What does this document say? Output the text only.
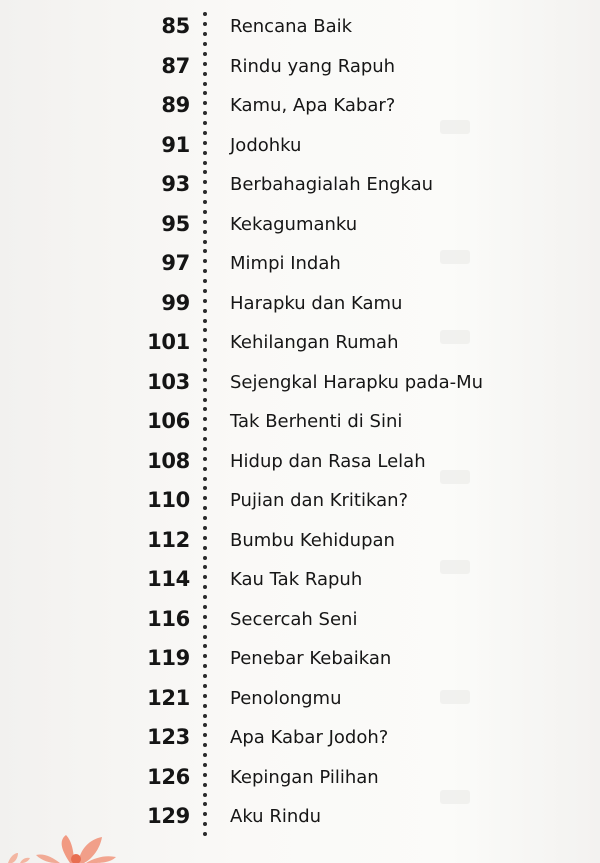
85 Rencana Baik
87 Rindu yang Rapuh
89 Kamu, Apa Kabar?
91 Jodohku
93 Berbahagialah Engkau
95 Kekagumanku
97 Mimpi Indah
99 Harapku dan Kamu
101 Kehilangan Rumah
103 Sejengkal Harapku pada-Mu
106 Tak Berhenti di Sini
108 Hidup dan Rasa Lelah
110 Pujian dan Kritikan?
112 Bumbu Kehidupan
114 Kau Tak Rapuh
116 Secercah Seni
119 Penebar Kebaikan
121 Penolongmu
123 Apa Kabar Jodoh?
126 Kepingan Pilihan
129 Aku Rindu
